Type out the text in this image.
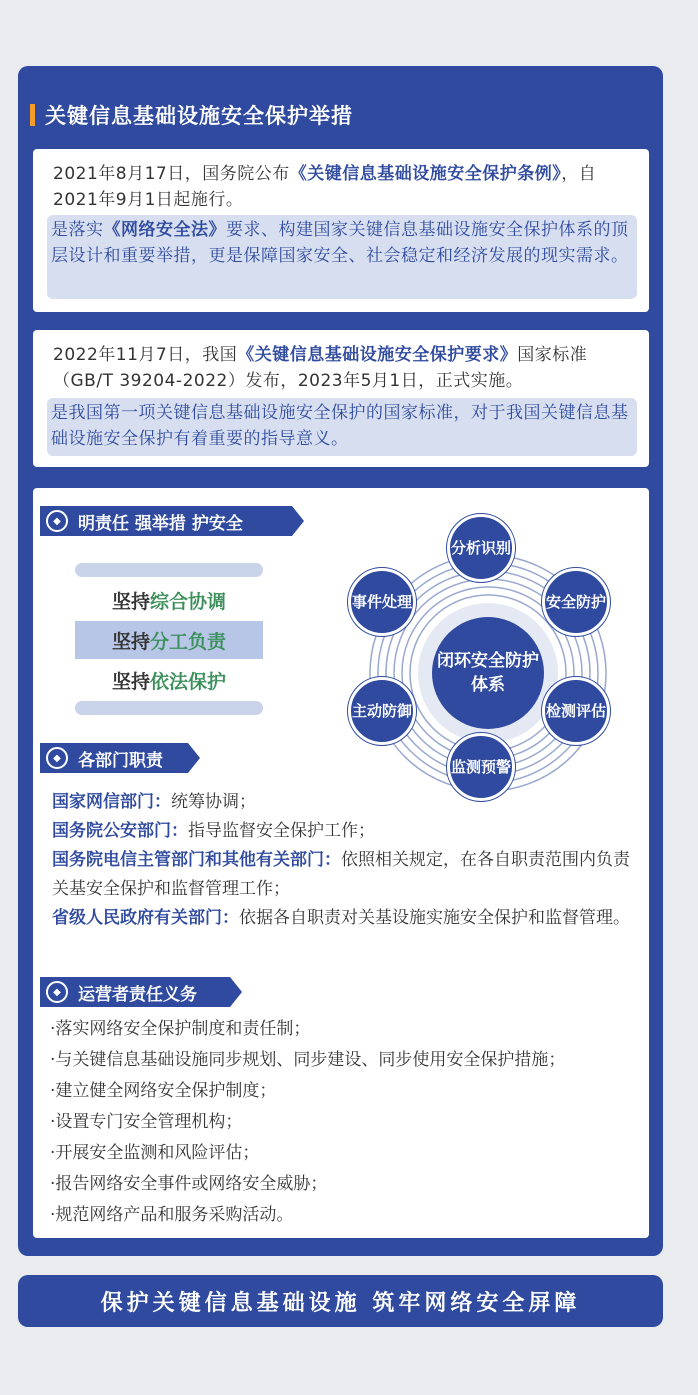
关键信息基础设施安全保护举措
2021年8月17日，国务院公布《关键信息基础设施安全保护条例》，自2021年9月1日起施行。
是落实《网络安全法》要求、构建国家关键信息基础设施安全保护体系的顶层设计和重要举措，更是保障国家安全、社会稳定和经济发展的现实需求。
2022年11月7日，我国《关键信息基础设施安全保护要求》国家标准（GB/T 39204-2022）发布，2023年5月1日，正式实施。
是我国第一项关键信息基础设施安全保护的国家标准，对于我国关键信息基础设施安全保护有着重要的指导意义。
◆	明责任 强举措 护安全
坚持 综合协调
坚持 分工负责
坚持 依法保护
闭环安全防护体系
分析识别
安全防护
检测评估
监测预警
主动防御
事件处理
◆	各部门职责
国家网信部门：统筹协调；
国务院公安部门：指导监督安全保护工作；
国务院电信主管部门和其他有关部门：依照相关规定，在各自职责范围内负责关基安全保护和监督管理工作；
省级人民政府有关部门：依据各自职责对关基设施实施安全保护和监督管理。
◆	运营者责任义务
·落实网络安全保护制度和责任制；
·与关键信息基础设施同步规划、同步建设、同步使用安全保护措施；
·建立健全网络安全保护制度；
·设置专门安全管理机构；
·开展安全监测和风险评估；
·报告网络安全事件或网络安全威胁；
·规范网络产品和服务采购活动。
保护关键信息基础设施 筑牢网络安全屏障
